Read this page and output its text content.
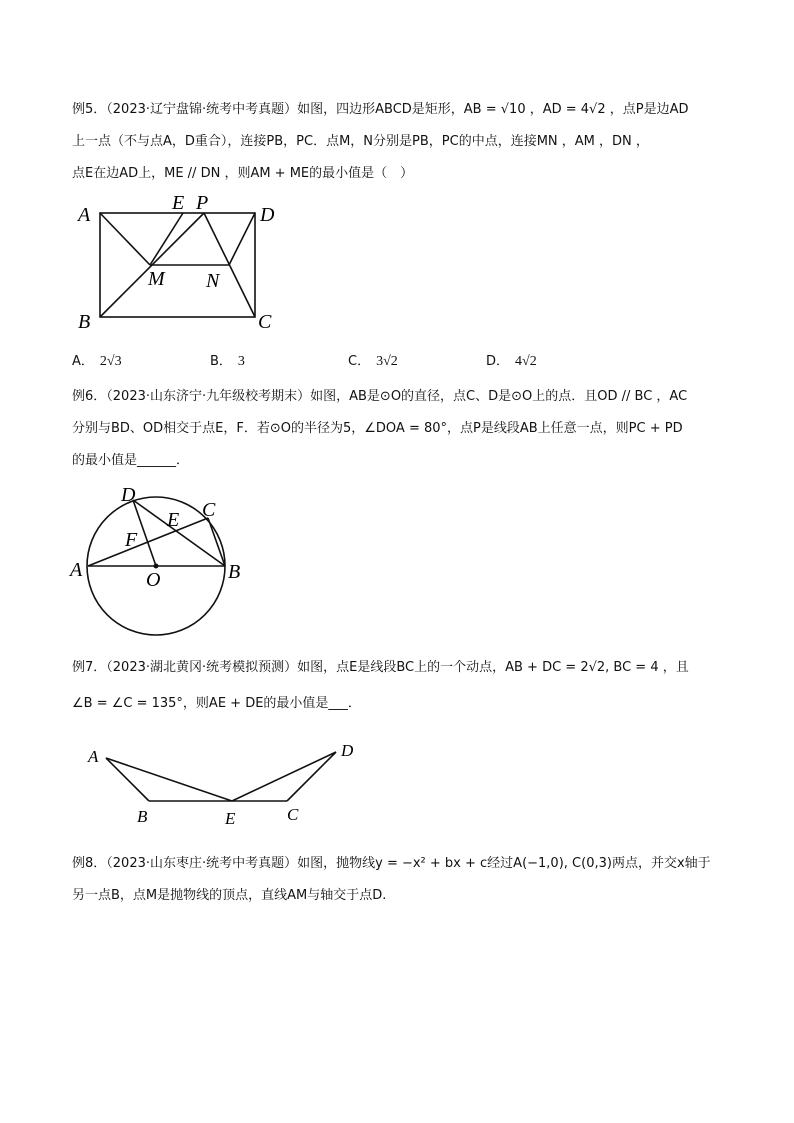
例5．（2023·辽宁盘锦·统考中考真题）如图，四边形ABCD是矩形，AB = √10 ，AD = 4√2 ，点P是边AD
上一点（不与点A，D重合），连接PB，PC．点M，N分别是PB，PC的中点，连接MN ，AM ，DN ，
点E在边AD上，ME // DN ，则AM + ME的最小值是（　）
A
B	C
D
E P
M N
A． 2√3	B． 3	C． 3√2	D． 4√2
例6．（2023·山东济宁·九年级校考期末）如图，AB是⊙O的直径，点C、D是⊙O上的点．且OD // BC ，AC
分别与BD、OD相交于点E，F．若⊙O的半径为5，∠DOA = 80°，点P是线段AB上任意一点，则PC + PD
的最小值是______．
A	B
C
D
E
F
O
例7．（2023·湖北黄冈·统考模拟预测）如图，点E是线段BC上的一个动点，AB + DC = 2√2, BC = 4 ，且
∠B = ∠C = 135°，则AE + DE的最小值是___．
A
B	E	C
D
例8．（2023·山东枣庄·统考中考真题）如图，抛物线y = −x² + bx + c经过A(−1,0), C(0,3)两点，并交x轴于
另一点B，点M是抛物线的顶点，直线AM与轴交于点D.
